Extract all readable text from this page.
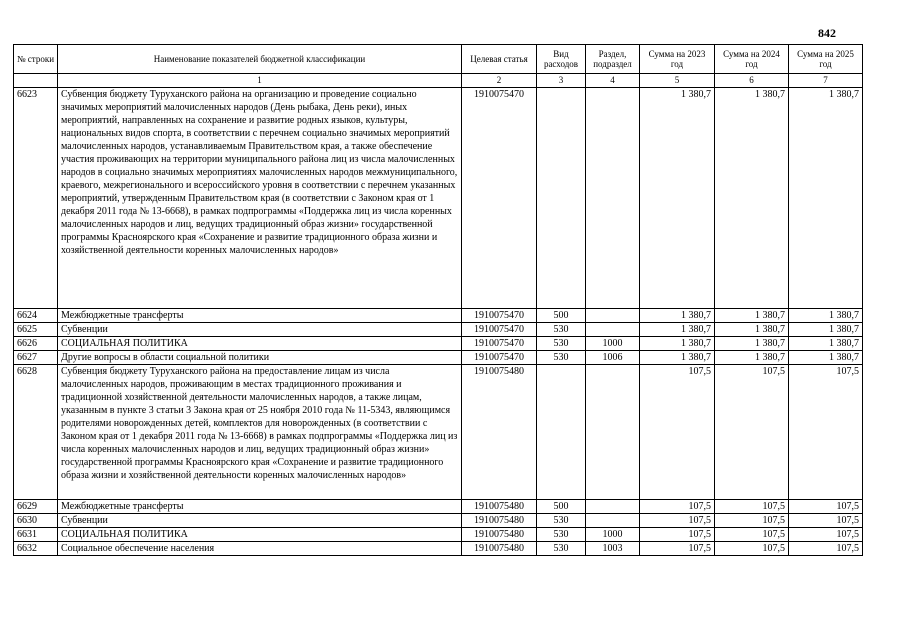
842
№ строки	Наименование показателей бюджетной классификации	Целевая статья	Вид расходов	Раздел, подраздел	Сумма на 2023 год	Сумма на 2024 год	Сумма на 2025 год
	1	2	3	4	5	6	7
6623	Субвенция бюджету Туруханского района на организацию и проведение социально значимых мероприятий малочисленных народов (День рыбака, День реки), иных мероприятий, направленных на сохранение и развитие родных языков, культуры, национальных видов спорта, в соответствии с перечнем социально значимых мероприятий малочисленных народов, устанавливаемым Правительством края, а также обеспечение участия проживающих на территории муниципального района лиц из числа малочисленных народов в социально значимых мероприятиях малочисленных народов межмуниципального, краевого, межрегионального и всероссийского уровня в соответствии с перечнем указанных мероприятий, утвержденным Правительством края (в соответствии с Законом края от 1 декабря 2011 года № 13-6668), в рамках подпрограммы «Поддержка лиц из числа коренных малочисленных народов и лиц, ведущих традиционный образ жизни» государственной программы Красноярского края «Сохранение и развитие традиционного образа жизни и хозяйственной деятельности коренных малочисленных народов»	1910075470			1 380,7	1 380,7	1 380,7
6624	Межбюджетные трансферты	1910075470	500		1 380,7	1 380,7	1 380,7
6625	Субвенции	1910075470	530		1 380,7	1 380,7	1 380,7
6626	СОЦИАЛЬНАЯ ПОЛИТИКА	1910075470	530	1000	1 380,7	1 380,7	1 380,7
6627	Другие вопросы в области социальной политики	1910075470	530	1006	1 380,7	1 380,7	1 380,7
6628	Субвенция бюджету Туруханского района на предоставление лицам из числа малочисленных народов, проживающим в местах традиционного проживания и традиционной хозяйственной деятельности малочисленных народов, а также лицам, указанным в пункте 3 статьи 3 Закона края от 25 ноября 2010 года № 11-5343, являющимся родителями новорожденных детей, комплектов для новорожденных (в соответствии с Законом края от 1 декабря 2011 года № 13-6668) в рамках подпрограммы «Поддержка лиц из числа коренных малочисленных народов и лиц, ведущих традиционный образ жизни» государственной программы Красноярского края «Сохранение и развитие традиционного образа жизни и хозяйственной деятельности коренных малочисленных народов»	1910075480			107,5	107,5	107,5
6629	Межбюджетные трансферты	1910075480	500		107,5	107,5	107,5
6630	Субвенции	1910075480	530		107,5	107,5	107,5
6631	СОЦИАЛЬНАЯ ПОЛИТИКА	1910075480	530	1000	107,5	107,5	107,5
6632	Социальное обеспечение населения	1910075480	530	1003	107,5	107,5	107,5
